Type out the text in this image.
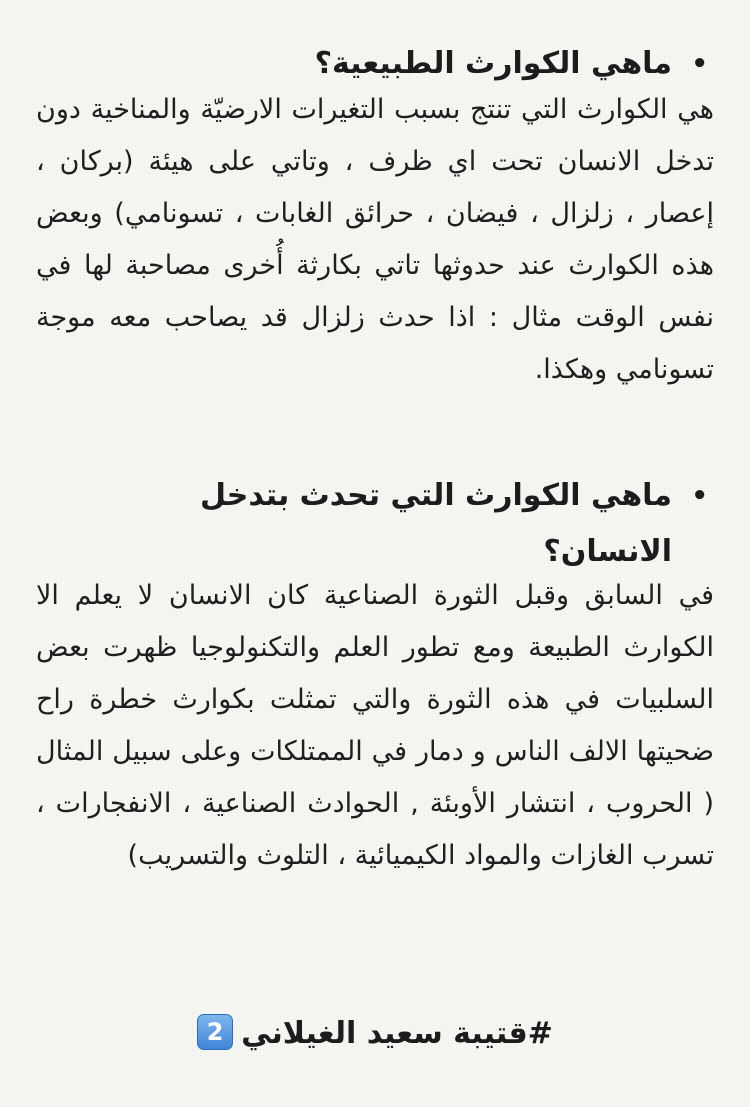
•
ماهي الكوارث الطبيعية؟
هي الكوارث التي تنتج بسبب التغيرات الارضيّة والمناخية دون تدخل الانسان تحت اي ظرف ، وتاتي على هيئة (بركان ، إعصار ، زلزال ، فيضان ، حرائق الغابات ، تسونامي) وبعض هذه الكوارث عند حدوثها تاتي بكارثة أُخرى مصاحبة لها في نفس الوقت مثال : اذا حدث زلزال قد يصاحب معه موجة تسونامي وهكذا.
•
ماهي الكوارث التي تحدث بتدخل الانسان؟
في السابق وقبل الثورة الصناعية كان الانسان لا يعلم الا الكوارث الطبيعة ومع تطور العلم والتكنولوجيا ظهرت بعض السلبيات في هذه الثورة والتي تمثلت بكوارث خطرة راح ضحيتها الالف الناس و دمار في الممتلكات وعلى سبيل المثال ( الحروب ، انتشار الأوبئة , الحوادث الصناعية ، الانفجارات ، تسرب الغازات والمواد الكيميائية ، التلوث والتسريب)
#قتيبة سعيد الغيلاني2
